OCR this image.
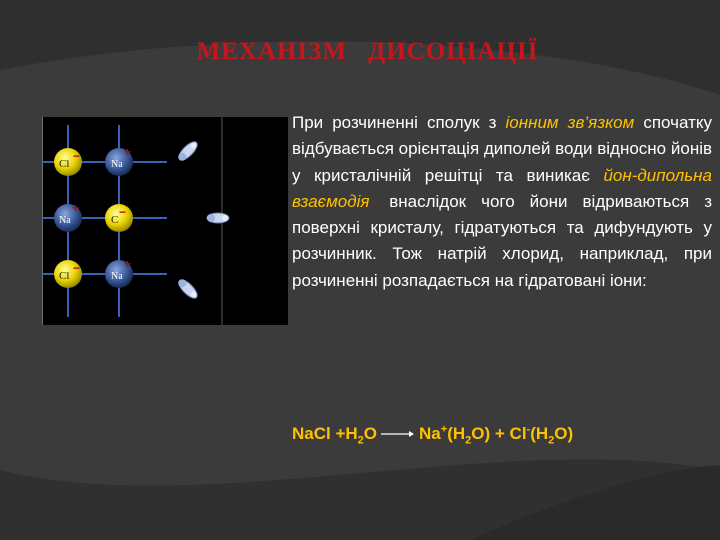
МЕХАНІЗМ ДИСОЦІАЦІЇ
Cl
−
Na
+
Na
+
C
−
Cl
−
Na
+

При розчиненні сполук з іонним зв’язком спочатку відбувається орієнтація диполей води відносно йонів у кристалічній решітці та виникає йон-дипольна взаємодія. внаслідок чого йони відриваються з поверхні кристалу, гідратуються та дифундують у розчинник. Тож натрій хлорид, наприклад, при розчиненні розпадається на гідратовані іони:

NaCl $+H_2O\to Na^+(H_2O) + Cl^-(H_2O)$
